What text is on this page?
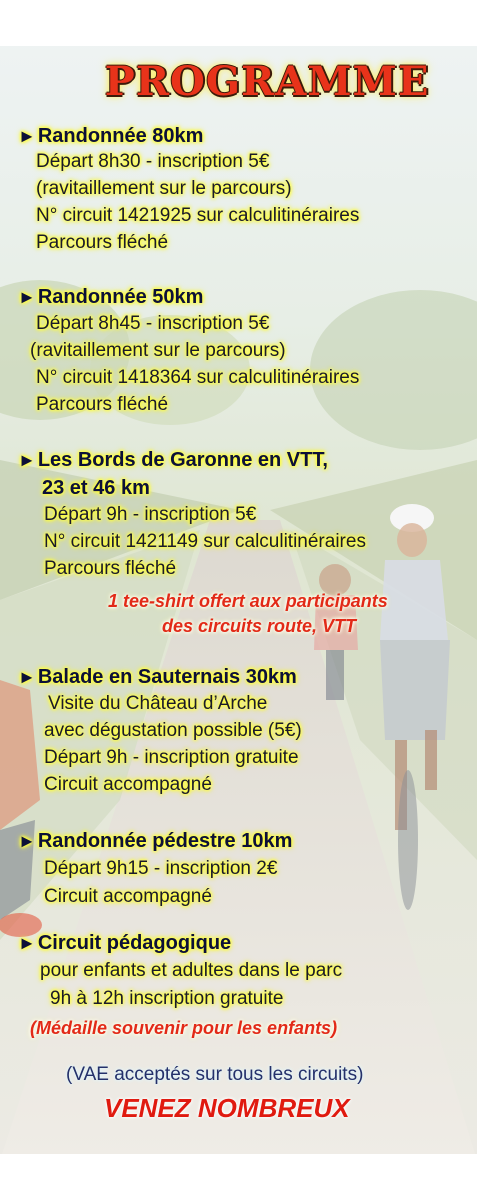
PROGRAMME
► Randonnée 80km
Départ 8h30 - inscription 5€
(ravitaillement sur le parcours)
N° circuit 1421925 sur calculitinéraires
Parcours fléché
► Randonnée 50km
Départ 8h45 - inscription 5€
(ravitaillement sur le parcours)
N° circuit 1418364 sur calculitinéraires
Parcours fléché
► Les Bords de Garonne en VTT,
23 et 46 km
Départ 9h - inscription 5€
N° circuit 1421149 sur calculitinéraires
Parcours fléché
1 tee-shirt offert aux participants
des circuits route, VTT
► Balade en Sauternais 30km
Visite du Château d’Arche
avec dégustation possible (5€)
Départ 9h - inscription gratuite
Circuit accompagné
► Randonnée pédestre 10km
Départ 9h15 - inscription 2€
Circuit accompagné
► Circuit pédagogique
pour enfants et adultes dans le parc
9h à 12h inscription gratuite
(Médaille souvenir pour les enfants)
(VAE acceptés sur tous les circuits)
VENEZ NOMBREUX
